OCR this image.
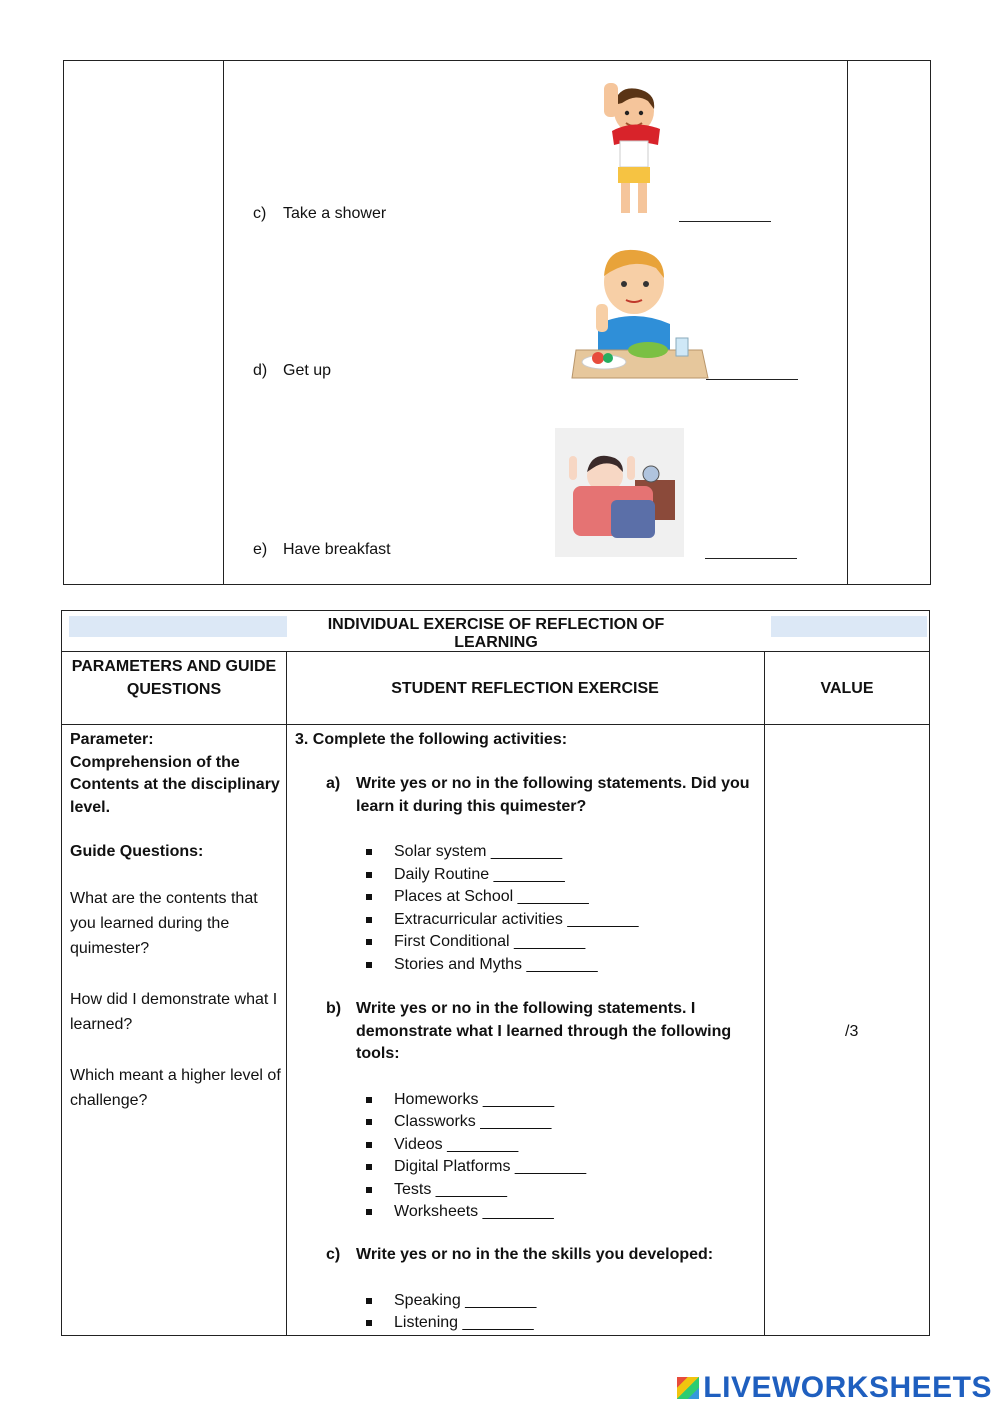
c) Take a shower
d) Get up
e) Have breakfast
INDIVIDUAL EXERCISE OF REFLECTION OF LEARNING
PARAMETERS AND GUIDE QUESTIONS	STUDENT REFLECTION EXERCISE	VALUE
Parameter:
Comprehension of the Contents at the disciplinary level.
Guide Questions:
What are the contents that you learned during the quimester?
How did I demonstrate what I learned?
Which meant a higher level of challenge?
3. Complete the following activities:
a) Write yes or no in the following statements. Did you learn it during this quimester?
Solar system ________
Daily Routine ________
Places at School ________
Extracurricular activities ________
First Conditional ________
Stories and Myths ________
b) Write yes or no in the following statements. I demonstrate what I learned through the following tools:
Homeworks ________
Classworks ________
Videos ________
Digital Platforms ________
Tests ________
Worksheets ________
c) Write yes or no in the the skills you developed:
Speaking ________
Listening ________
/3
LIVEWORKSHEETS
